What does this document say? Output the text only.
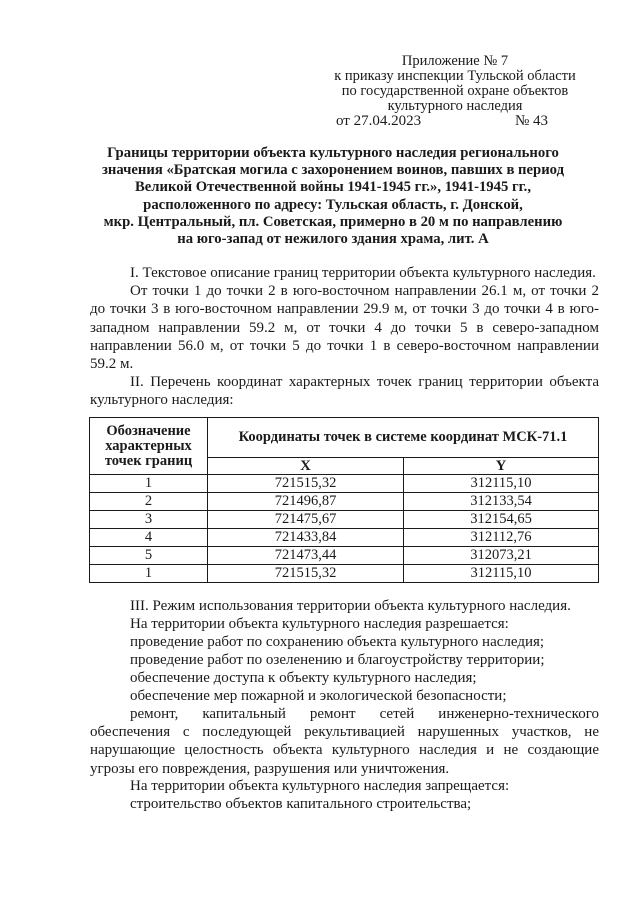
Приложение № 7
к приказу инспекции Тульской области
по государственной охране объектов
культурного наследия
от 27.04.2023	№ 43
Границы территории объекта культурного наследия регионального
значения «Братская могила с захоронением воинов, павших в период
Великой Отечественной войны 1941-1945 гг.», 1941-1945 гг.,
расположенного по адресу: Тульская область, г. Донской,
мкр. Центральный, пл. Советская, примерно в 20 м по направлению
на юго-запад от нежилого здания храма, лит. А
I. Текстовое описание границ территории объекта культурного наследия.
От точки 1 до точки 2 в юго-восточном направлении 26.1 м, от точки 2 до точки 3 в юго-восточном направлении 29.9 м, от точки 3 до точки 4 в юго-западном направлении 59.2 м, от точки 4 до точки 5 в северо-западном направлении 56.0 м, от точки 5 до точки 1 в северо-восточном направлении 59.2 м.
II. Перечень координат характерных точек границ территории объекта культурного наследия:
Обозначение характерных точек границ	Координаты точек в системе координат МСК-71.1	
	X	Y
1	721515,32	312115,10
2	721496,87	312133,54
3	721475,67	312154,65
4	721433,84	312112,76
5	721473,44	312073,21
1	721515,32	312115,10
III. Режим использования территории объекта культурного наследия.
На территории объекта культурного наследия разрешается:
проведение работ по сохранению объекта культурного наследия;
проведение работ по озеленению и благоустройству территории;
обеспечение доступа к объекту культурного наследия;
обеспечение мер пожарной и экологической безопасности;
ремонт, капитальный ремонт сетей инженерно-технического
обеспечения с последующей рекультивацией нарушенных участков, не нарушающие целостность объекта культурного наследия и не создающие угрозы его повреждения, разрушения или уничтожения.
На территории объекта культурного наследия запрещается:
строительство объектов капитального строительства;
